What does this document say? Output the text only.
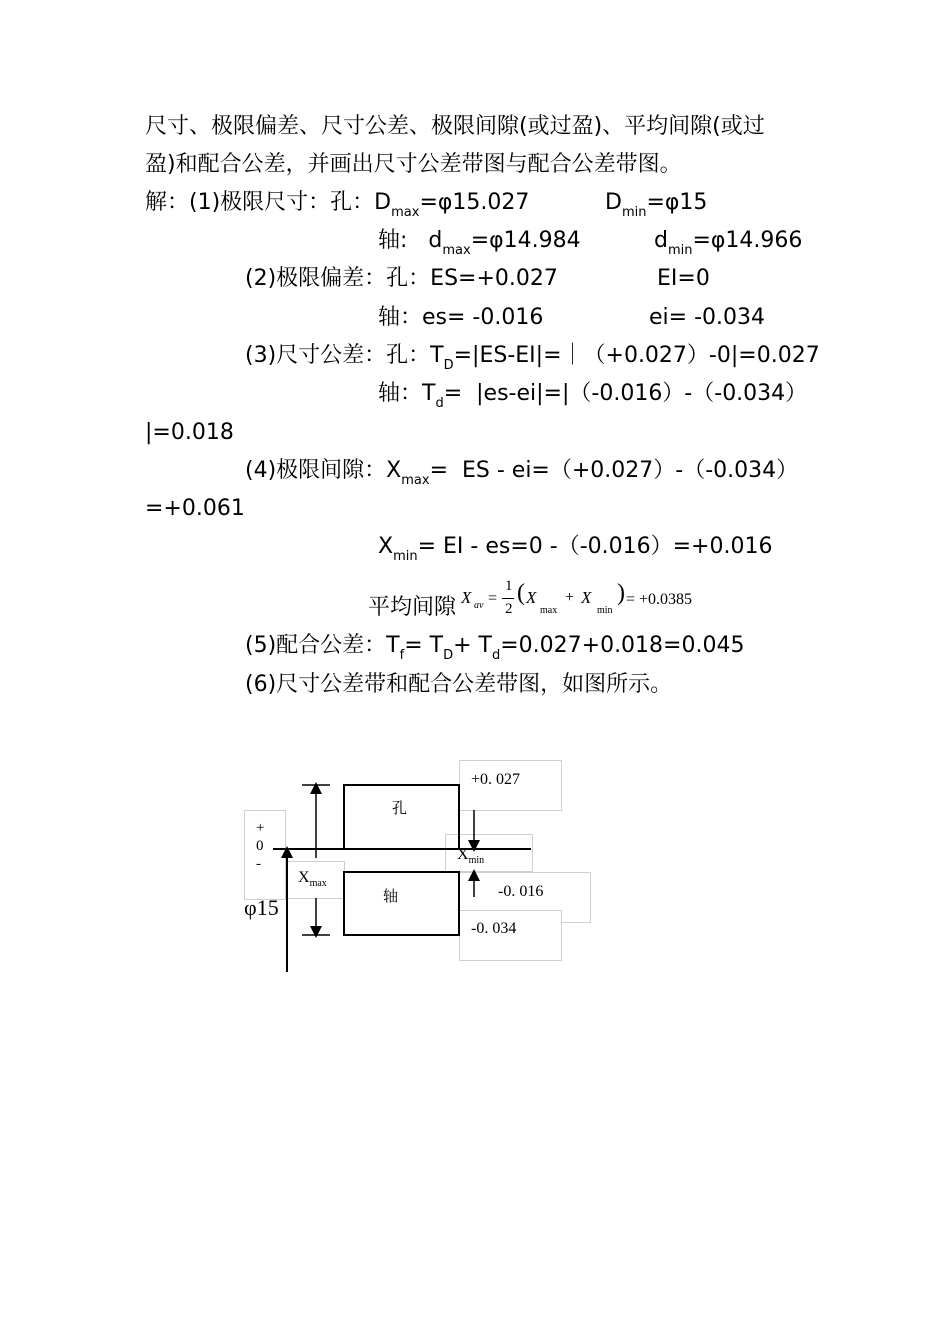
尺寸、极限偏差、尺寸公差、极限间隙(或过盈)、平均间隙(或过
盈)和配合公差，并画出尺寸公差带图与配合公差带图。
解：(1)极限尺寸：孔：$D_{max}=\varphi 15.027$	$D_{min}=\varphi 15$
轴:   $d_{max}=\varphi 14.984$	$d_{min}=\varphi 14.966$
(2)极限偏差：孔：ES=+0.027	EI=0
轴：es= -0.016	ei= -0.034
(3)尺寸公差：孔：$T_D=|ES-EI|=|(+0.027)-0|=0.027$
轴：$T_d= |es-ei|=|(-0.016)-(-0.034)$
|=0.018
(4)极限间隙：$X_{max}=$  ES - ei=（+0.027）-（-0.034）
=+0.061
$X_{min}=$ EI - es=0 -（-0.016）=+0.016
平均间隙 X av =
1
2
( X
max
+ X
min
) = +0.0385
(5)配合公差：$T_f= T_D+ T_d=0.027+0.018=0.045$
(6)尺寸公差带和配合公差带图，如图所示。
+
0
-
φ15
孔
轴
+0. 027
-0. 016
-0. 034
$X_{max}$
$X_{min}$
